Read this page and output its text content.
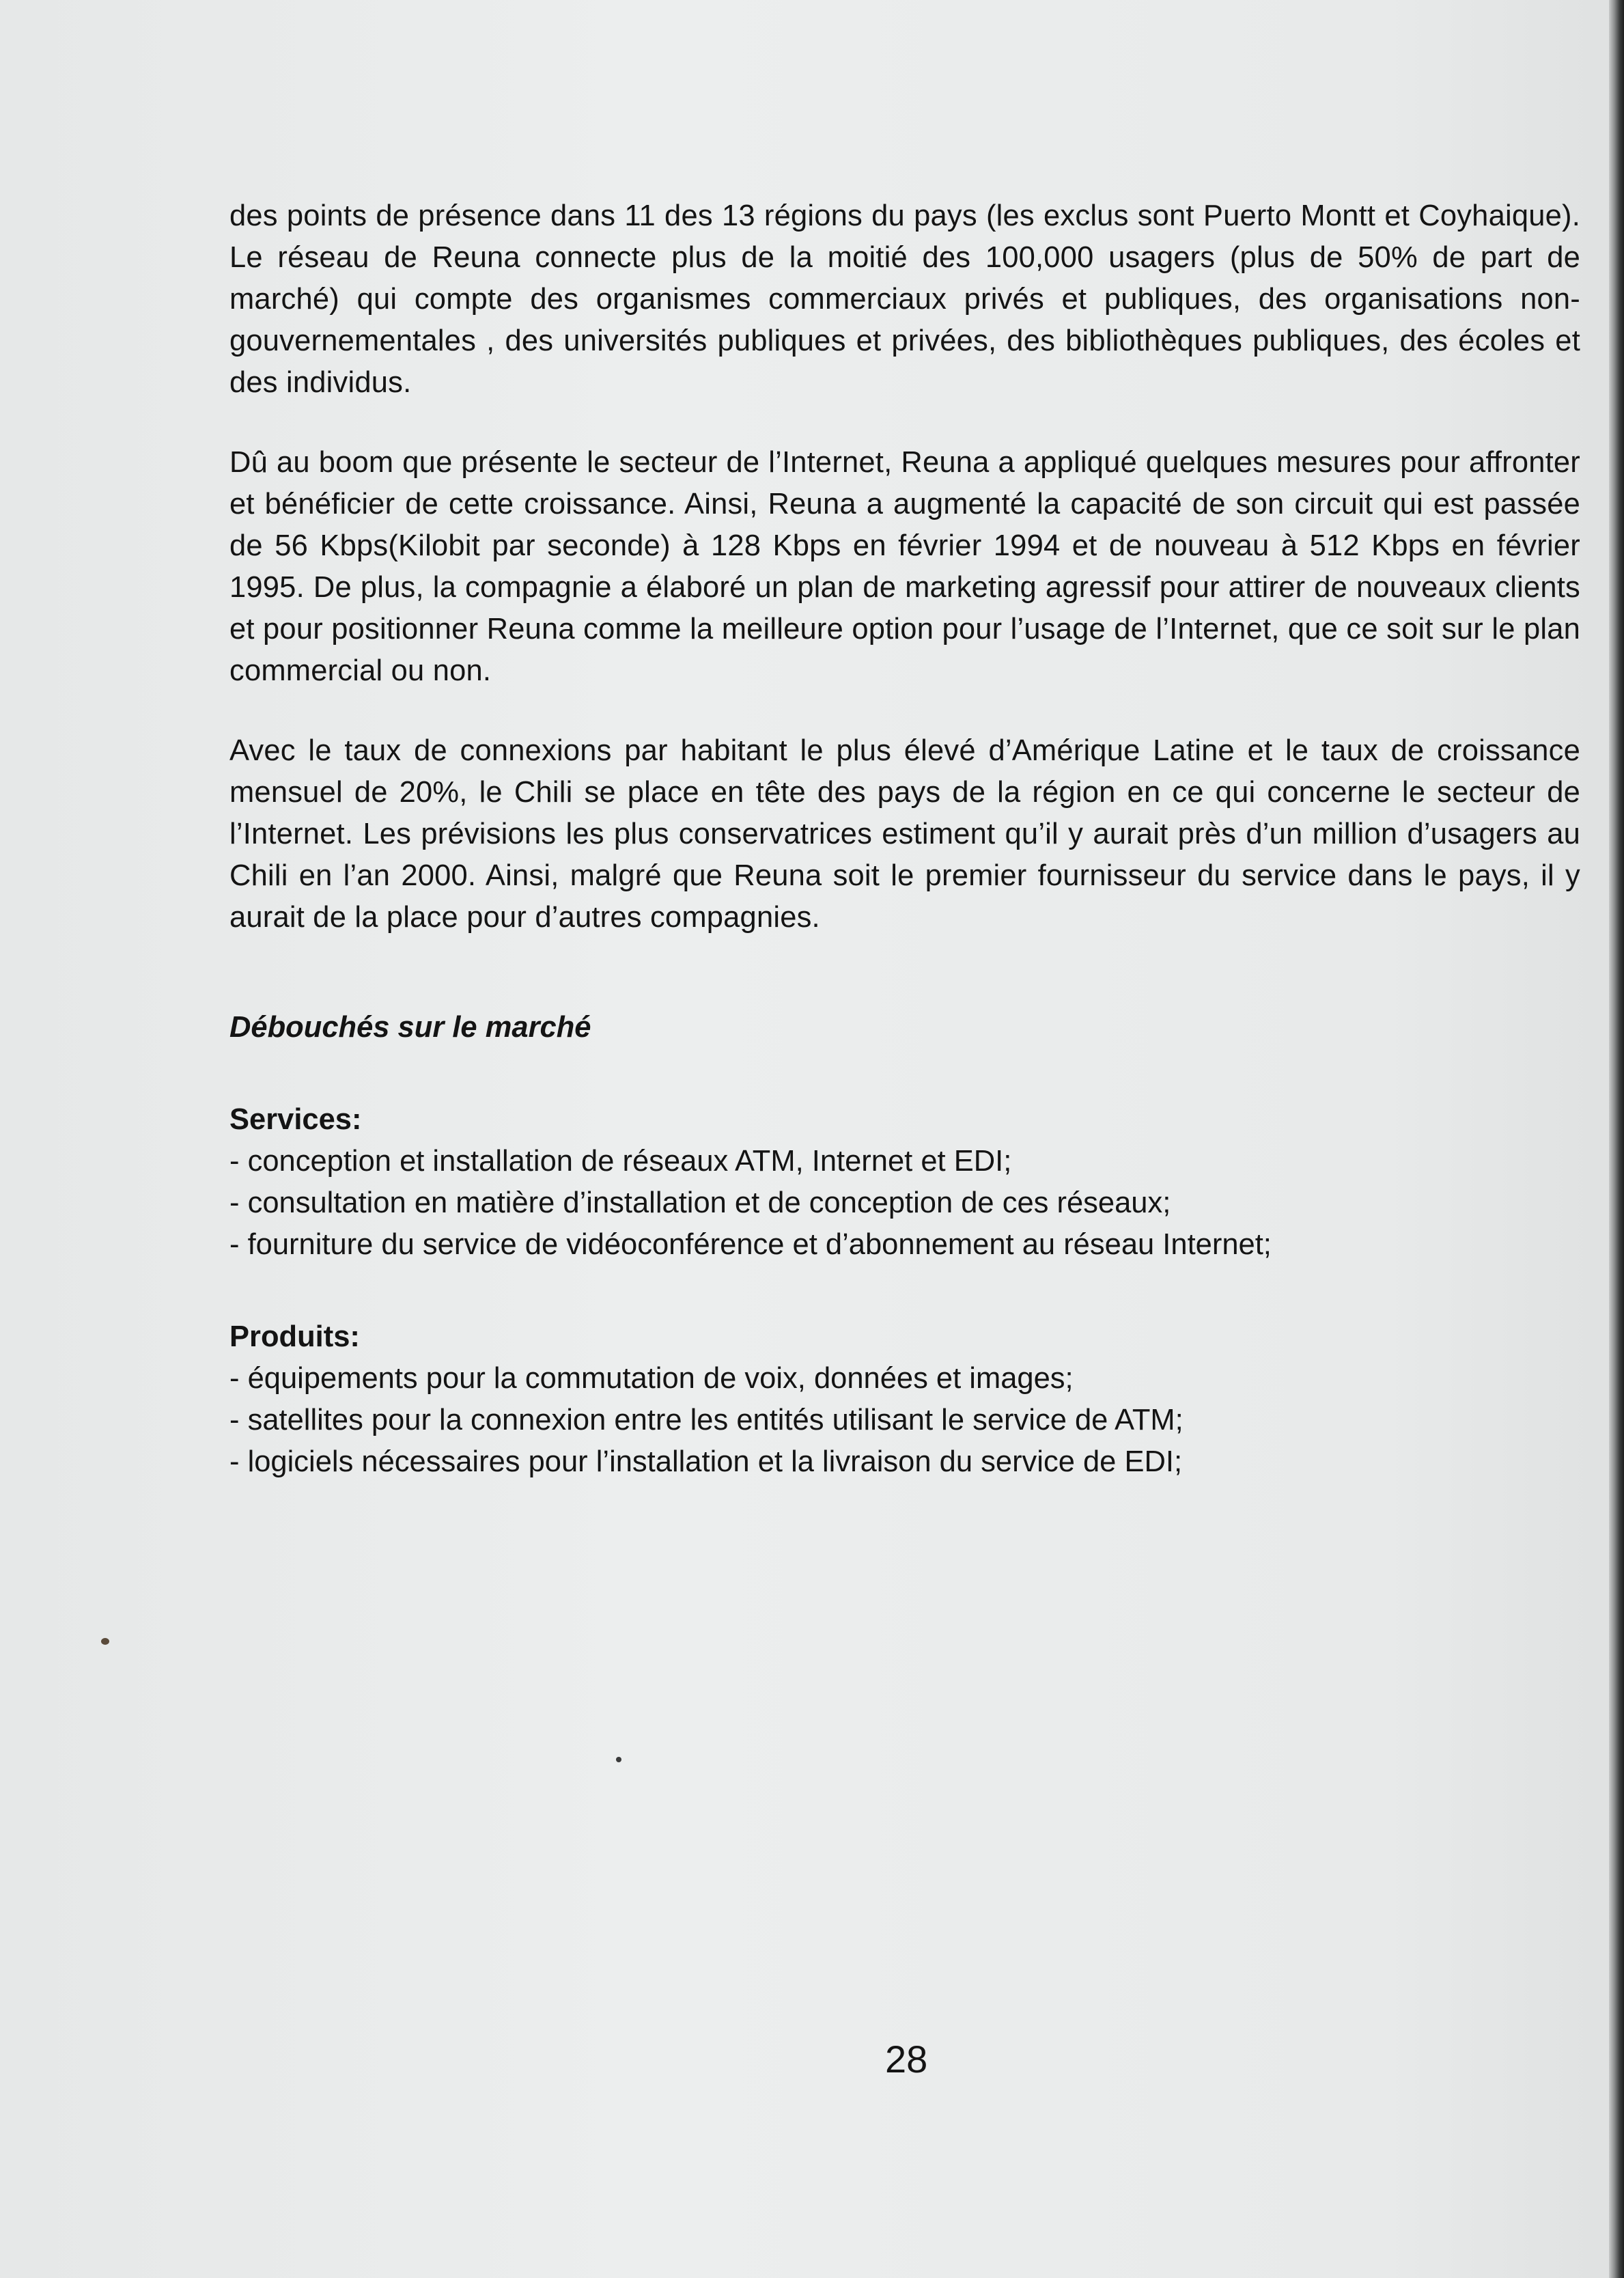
des points de présence dans 11 des 13 régions du pays (les exclus sont Puerto Montt et Coyhaique). Le réseau de Reuna connecte plus de la moitié des 100,000 usagers (plus de 50% de part de marché) qui compte des organismes commerciaux privés et publiques, des organisations non-gouvernementales , des universités publiques et privées, des bibliothèques publiques, des écoles et des individus.

Dû au boom que présente le secteur de l’Internet, Reuna a appliqué quelques mesures pour affronter et bénéficier de cette croissance. Ainsi, Reuna a augmenté la capacité de son circuit qui est passée de 56 Kbps(Kilobit par seconde) à 128 Kbps en février 1994 et de nouveau à 512 Kbps en février 1995. De plus, la compagnie a élaboré un plan de marketing agressif pour attirer de nouveaux clients et pour positionner Reuna comme la meilleure option pour l’usage de l’Internet, que ce soit sur le plan commercial ou non.

Avec le taux de connexions par habitant le plus élevé d’Amérique Latine et le taux de croissance mensuel de 20%, le Chili se place en tête des pays de la région en ce qui concerne le secteur de l’Internet. Les prévisions les plus conservatrices estiment qu’il y aurait près d’un million d’usagers au Chili en l’an 2000. Ainsi, malgré que Reuna soit le premier fournisseur du service dans le pays, il y aurait de la place pour d’autres compagnies.

Débouchés sur le marché
Services:
- conception et installation de réseaux ATM, Internet et EDI;
- consultation en matière d’installation et de conception de ces réseaux;
- fourniture du service de vidéoconférence et d’abonnement au réseau Internet;
Produits:
- équipements pour la commutation de voix, données et images;
- satellites pour la connexion entre les entités utilisant le service de ATM;
- logiciels nécessaires pour l’installation et la livraison du service de EDI;
28
